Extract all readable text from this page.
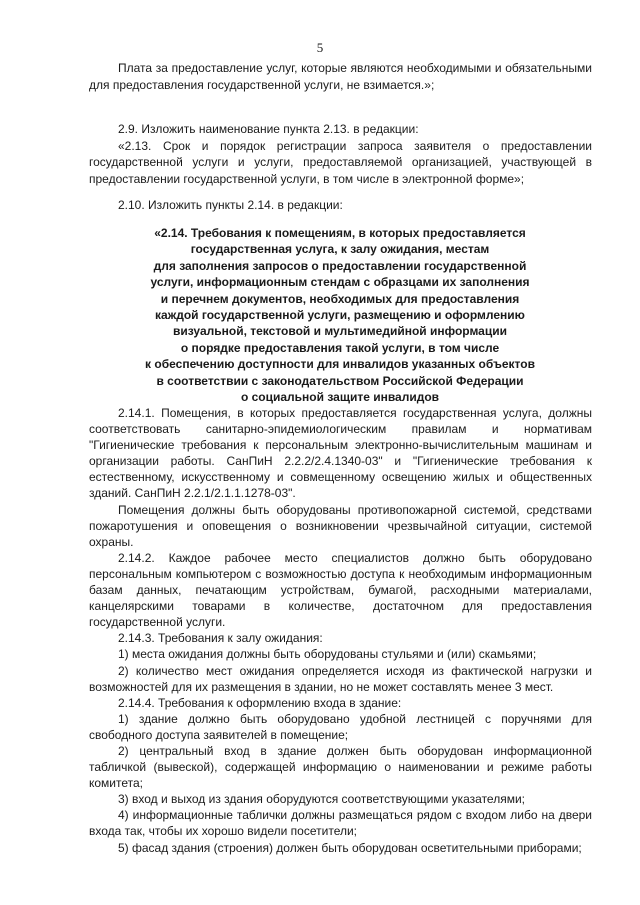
5

Плата за предоставление услуг, которые являются необходимыми и обязательными для предоставления государственной услуги, не взимается.»;

2.9. Изложить наименование пункта 2.13. в редакции:

«2.13. Срок и порядок регистрации запроса заявителя о предоставлении государственной услуги и услуги, предоставляемой организацией, участвующей в предоставлении государственной услуги, в том числе в электронной форме»;

2.10. Изложить пункты 2.14. в редакции:

«2.14. Требования к помещениям, в которых предоставляется
государственная услуга, к залу ожидания, местам
для заполнения запросов о предоставлении государственной
услуги, информационным стендам с образцами их заполнения
и перечнем документов, необходимых для предоставления
каждой государственной услуги, размещению и оформлению
визуальной, текстовой и мультимедийной информации
о порядке предоставления такой услуги, в том числе
к обеспечению доступности для инвалидов указанных объектов
в соответствии с законодательством Российской Федерации
о социальной защите инвалидов

2.14.1. Помещения, в которых предоставляется государственная услуга, должны соответствовать санитарно-эпидемиологическим правилам и нормативам "Гигиенические требования к персональным электронно-вычислительным машинам и организации работы. СанПиН 2.2.2/2.4.1340-03" и "Гигиенические требования к естественному, искусственному и совмещенному освещению жилых и общественных зданий. СанПиН 2.2.1/2.1.1.1278-03".

Помещения должны быть оборудованы противопожарной системой, средствами пожаротушения и оповещения о возникновении чрезвычайной ситуации, системой охраны.

2.14.2. Каждое рабочее место специалистов должно быть оборудовано персональным компьютером с возможностью доступа к необходимым информационным базам данных, печатающим устройствам, бумагой, расходными материалами, канцелярскими товарами в количестве, достаточном для предоставления государственной услуги.

2.14.3. Требования к залу ожидания:

1) места ожидания должны быть оборудованы стульями и (или) скамьями;

2) количество мест ожидания определяется исходя из фактической нагрузки и возможностей для их размещения в здании, но не может составлять менее 3 мест.

2.14.4. Требования к оформлению входа в здание:

1) здание должно быть оборудовано удобной лестницей с поручнями для свободного доступа заявителей в помещение;

2) центральный вход в здание должен быть оборудован информационной табличкой (вывеской), содержащей информацию о наименовании и режиме работы комитета;

3) вход и выход из здания оборудуются соответствующими указателями;

4) информационные таблички должны размещаться рядом с входом либо на двери входа так, чтобы их хорошо видели посетители;

5) фасад здания (строения) должен быть оборудован осветительными приборами;
